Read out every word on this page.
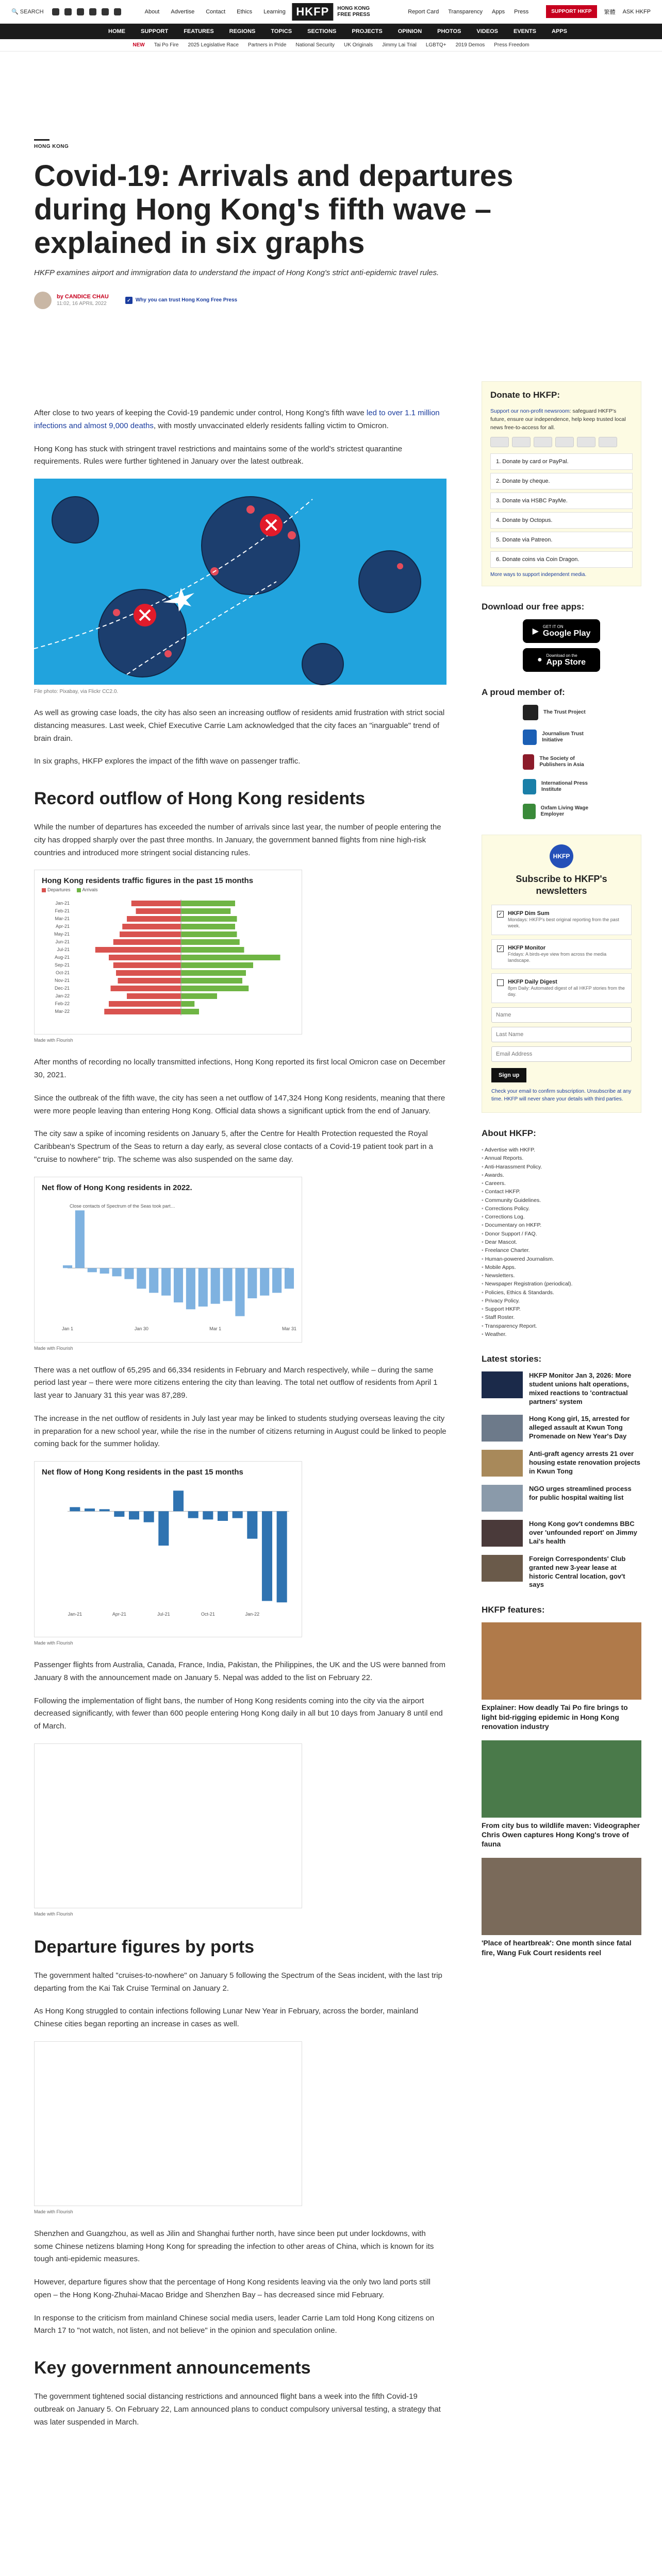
🔍 SEARCH	About Advertise Contact Ethics Learning HKFP	HONG KONG
FREE PRESS	Report Card Transparency Apps Press	SUPPORT HKFP	繁體 ASK HKFP
HOME	SUPPORT	FEATURES	REGIONS	TOPICS	SECTIONS	PROJECTS	OPINION	PHOTOS	VIDEOS	EVENTS	APPS
NEW Tai Po Fire 2025 Legislative Race Partners in Pride National Security UK Originals Jimmy Lai Trial LGBTQ+ 2019 Demos Press Freedom
HONG KONG
Covid-19: Arrivals and departures during Hong Kong's fifth wave – explained in six graphs
HKFP examines airport and immigration data to understand the impact of Hong Kong's strict anti-epidemic travel rules.
by CANDICE CHAU
11:02, 16 APRIL 2022
✓ Why you can trust Hong Kong Free Press

After close to two years of keeping the Covid-19 pandemic under control, Hong Kong's fifth wave led to over 1.1 million infections and almost 9,000 deaths, with mostly unvaccinated elderly residents falling victim to Omicron.

Hong Kong has stuck with stringent travel restrictions and maintains some of the world's strictest quarantine requirements. Rules were further tightened in January over the latest outbreak.

File photo: Pixabay, via Flickr CC2.0.

As well as growing case loads, the city has also seen an increasing outflow of residents amid frustration with strict social distancing measures. Last week, Chief Executive Carrie Lam acknowledged that the city faces an "inarguable" trend of brain drain.

In six graphs, HKFP explores the impact of the fifth wave on passenger traffic.

Record outflow of Hong Kong residents

While the number of departures has exceeded the number of arrivals since last year, the number of people entering the city has dropped sharply over the past three months. In January, the government banned flights from nine high-risk countries and introduced more stringent social distancing rules.

Hong Kong residents traffic figures in the past 15 months
Departures	Arrivals
Jan-21
Feb-21
Mar-21
Apr-21
May-21
Jun-21
Jul-21
Aug-21
Sep-21
Oct-21
Nov-21
Dec-21
Jan-22
Feb-22
Mar-22
Made with Flourish

After months of recording no locally transmitted infections, Hong Kong reported its first local Omicron case on December 30, 2021.

Since the outbreak of the fifth wave, the city has seen a net outflow of 147,324 Hong Kong residents, meaning that there were more people leaving than entering Hong Kong. Official data shows a significant uptick from the end of January.

The city saw a spike of incoming residents on January 5, after the Centre for Health Protection requested the Royal Caribbean's Spectrum of the Seas to return a day early, as several close contacts of a Covid-19 patient took part in a "cruise to nowhere" trip. The scheme was also suspended on the same day.

Net flow of Hong Kong residents in 2022.
Close contacts of Spectrum of the Seas took part…
Jan 1	Jan 30	Mar 1	Mar 31
Made with Flourish

There was a net outflow of 65,295 and 66,334 residents in February and March respectively, while – during the same period last year – there were more citizens entering the city than leaving. The total net outflow of residents from April 1 last year to January 31 this year was 87,289.

The increase in the net outflow of residents in July last year may be linked to students studying overseas leaving the city in preparation for a new school year, while the rise in the number of citizens returning in August could be linked to people coming back for the summer holiday.

Net flow of Hong Kong residents in the past 15 months
Jan-21	Apr-21	Jul-21	Oct-21	Jan-22
Made with Flourish

Passenger flights from Australia, Canada, France, India, Pakistan, the Philippines, the UK and the US were banned from January 8 with the announcement made on January 5. Nepal was added to the list on February 22.

Following the implementation of flight bans, the number of Hong Kong residents coming into the city via the airport decreased significantly, with fewer than 600 people entering Hong Kong daily in all but 10 days from January 8 until end of March.

Made with Flourish
Departure figures by ports

The government halted "cruises-to-nowhere" on January 5 following the Spectrum of the Seas incident, with the last trip departing from the Kai Tak Cruise Terminal on January 2.

As Hong Kong struggled to contain infections following Lunar New Year in February, across the border, mainland Chinese cities began reporting an increase in cases as well.

Made with Flourish

Shenzhen and Guangzhou, as well as Jilin and Shanghai further north, have since been put under lockdowns, with some Chinese netizens blaming Hong Kong for spreading the infection to other areas of China, which is known for its tough anti-epidemic measures.

However, departure figures show that the percentage of Hong Kong residents leaving via the only two land ports still open – the Hong Kong-Zhuhai-Macao Bridge and Shenzhen Bay – has decreased since mid February.

In response to the criticism from mainland Chinese social media users, leader Carrie Lam told Hong Kong citizens on March 17 to "not watch, not listen, and not believe" in the opinion and speculation online.

Key government announcements

The government tightened social distancing restrictions and announced flight bans a week into the fifth Covid-19 outbreak on January 5. On February 22, Lam announced plans to conduct compulsory universal testing, a strategy that was later suspended in March.

Donate to HKFP:
Support our non-profit newsroom: safeguard HKFP's future, ensure our independence, help keep trusted local news free-to-access for all.
1. Donate by card or PayPal.
2. Donate by cheque.
3. Donate via HSBC PayMe.
4. Donate by Octopus.
5. Donate via Patreon.
6. Donate coins via Coin Dragon.
More ways to support independent media.
Download our free apps:
▶
GET IT ON
Google Play
● Download on the
App Store
A proud member of:
The Trust Project
Journalism Trust Initiative
The Society of Publishers in Asia
International Press Institute
Oxfam Living Wage Employer
HKFP
Subscribe to HKFP's newsletters
✓ HKFP Dim Sum
Mondays: HKFP's best original reporting from the past week.
✓ HKFP Monitor
Fridays: A birds-eye view from across the media landscape.
HKFP Daily Digest
8pm Daily: Automated digest of all HKFP stories from the day.
Name Last Name Email Address
Sign up
Check your email to confirm subscription. Unsubscribe at any time. HKFP will never share your details with third parties.
About HKFP:
• Advertise with HKFP.
• Annual Reports.
• Anti-Harassment Policy.
• Awards.
• Careers.
• Contact HKFP.
• Community Guidelines.
• Corrections Policy.
• Corrections Log.
• Documentary on HKFP.
• Donor Support / FAQ.
• Dear Mascot.
• Freelance Charter.
• Human-powered Journalism.
• Mobile Apps.
• Newsletters.
• Newspaper Registration (periodical).
• Policies, Ethics & Standards.
• Privacy Policy.
• Support HKFP.
• Staff Roster.
• Transparency Report.
• Weather.
Latest stories:
HKFP Monitor Jan 3, 2026: More student unions halt operations, mixed reactions to 'contractual partners' system
Hong Kong girl, 15, arrested for alleged assault at Kwun Tong Promenade on New Year's Day
Anti-graft agency arrests 21 over housing estate renovation projects in Kwun Tong
NGO urges streamlined process for public hospital waiting list
Hong Kong gov't condemns BBC over 'unfounded report' on Jimmy Lai's health
Foreign Correspondents' Club granted new 3-year lease at historic Central location, gov't says
HKFP features:
Explainer: How deadly Tai Po fire brings to light bid-rigging epidemic in Hong Kong renovation industry
From city bus to wildlife maven: Videographer Chris Owen captures Hong Kong's trove of fauna
'Place of heartbreak': One month since fatal fire, Wang Fuk Court residents reel
